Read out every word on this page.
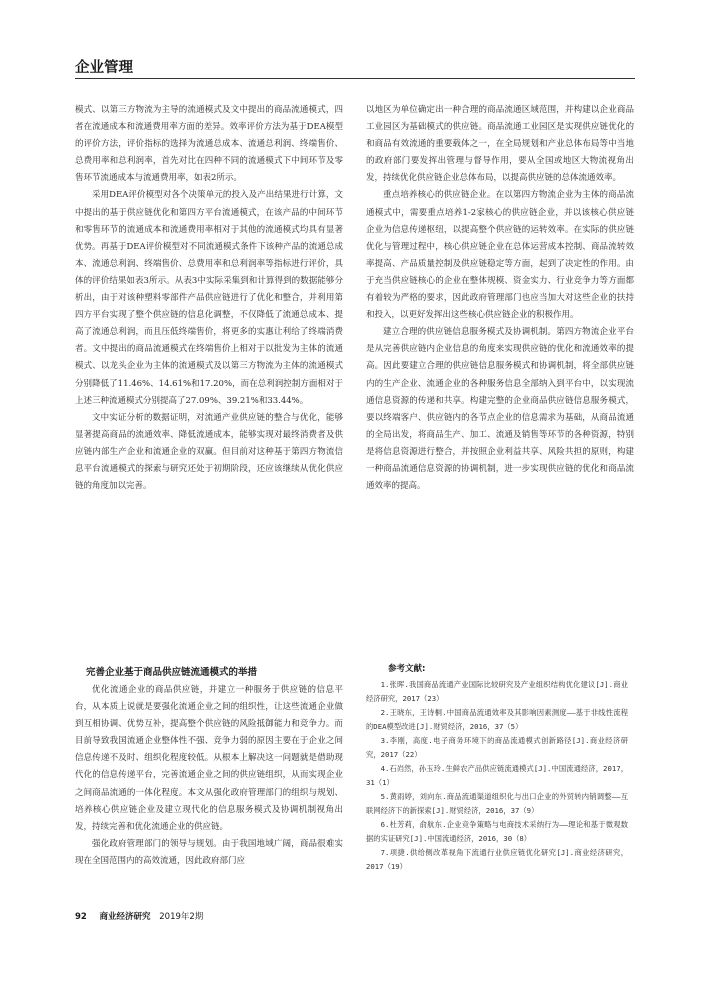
企业管理

模式、以第三方物流为主导的流通模式及文中提出的商品流通模式，四者在流通成本和流通费用率方面的差异。效率评价方法为基于DEA模型的评价方法，评价指标的选择为流通总成本、流通总利润、终端售价、总费用率和总利润率，首先对比在四种不同的流通模式下中间环节及零售环节流通成本与流通费用率，如表2所示。

采用DEA评价模型对各个决策单元的投入及产出结果进行计算，文中提出的基于供应链优化和第四方平台流通模式，在该产品的中间环节和零售环节的流通成本和流通费用率相对于其他的流通模式均具有显著优势。再基于DEA评价模型对不同流通模式条件下该种产品的流通总成本、流通总利润、终端售价、总费用率和总利润率等指标进行评价，具体的评价结果如表3所示。从表3中实际采集到和计算得到的数据能够分析出，由于对该种塑料零部件产品供应链进行了优化和整合，并利用第四方平台实现了整个供应链的信息化调整，不仅降低了流通总成本、提高了流通总利润，而且压低终端售价，将更多的实惠让利给了终端消费者。文中提出的商品流通模式在终端售价上相对于以批发为主体的流通模式、以龙头企业为主体的流通模式及以第三方物流为主体的流通模式分别降低了11.46%、14.61%和17.20%，而在总利润控制方面相对于上述三种流通模式分别提高了27.09%、39.21%和33.44%。

文中实证分析的数据证明，对流通产业供应链的整合与优化，能够显著提高商品的流通效率、降低流通成本，能够实现对最终消费者及供应链内部生产企业和流通企业的双赢。但目前对这种基于第四方物流信息平台流通模式的探索与研究还处于初期阶段，还应该继续从优化供应链的角度加以完善。

完善企业基于商品供应链流通模式的举措

优化流通企业的商品供应链，并建立一种服务于供应链的信息平台，从本质上说就是要强化流通企业之间的组织性，让这些流通企业做到互相协调、优势互补，提高整个供应链的风险抵御能力和竞争力。而目前导致我国流通企业整体性不强、竞争力弱的原因主要在于企业之间信息传递不及时、组织化程度较低。从根本上解决这一问题就是借助现代化的信息传递平台，完善流通企业之间的供应链组织，从而实现企业之间商品流通的一体化程度。本文从强化政府管理部门的组织与规划、培养核心供应链企业及建立现代化的信息服务模式及协调机制视角出发，持续完善和优化流通企业的供应链。

强化政府管理部门的领导与规划。由于我国地域广阔，商品很难实现在全国范围内的高效流通，因此政府部门应

以地区为单位确定出一种合理的商品流通区域范围，并构建以企业商品工业园区为基础模式的供应链。商品流通工业园区是实现供应链优化的和商品有效流通的重要载体之一，在全局规划和产业总体布局等中当地的政府部门要发挥出管理与督导作用，要从全国或地区大物流视角出发，持续优化供应链企业总体布局，以提高供应链的总体流通效率。

重点培养核心的供应链企业。在以第四方物流企业为主体的商品流通模式中，需要重点培养1-2家核心的供应链企业，并以该核心供应链企业为信息传递枢纽，以提高整个供应链的运转效率。在实际的供应链优化与管理过程中，核心供应链企业在总体运营成本控制、商品流转效率提高、产品质量控制及供应链稳定等方面，起到了决定性的作用。由于充当供应链核心的企业在整体规模、资金实力、行业竞争力等方面都有着较为严格的要求，因此政府管理部门也应当加大对这些企业的扶持和投入，以更好发挥出这些核心供应链企业的积极作用。

建立合理的供应链信息服务模式及协调机制。第四方物流企业平台是从完善供应链内企业信息的角度来实现供应链的优化和流通效率的提高。因此要建立合理的供应链信息服务模式和协调机制，将全部供应链内的生产企业、流通企业的各种服务信息全部纳入到平台中，以实现流通信息资源的传递和共享。构建完整的企业商品供应链信息服务模式，要以终端客户、供应链内的各节点企业的信息需求为基础，从商品流通的全局出发，将商品生产、加工、流通及销售等环节的各种资源，特别是将信息资源进行整合，并按照企业利益共享、风险共担的原则，构建一种商品流通信息资源的协调机制，进一步实现供应链的优化和商品流通效率的提高。

参考文献:
1.张晖.我国商品流通产业国际比较研究及产业组织结构优化建议[J].商业经济研究，2017（23）
2.王晓东，王诗桐.中国商品流通效率及其影响因素测度——基于非线性流程的DEA模型改进[J].财贸经济，2016，37（5）
3.李刚，高度.电子商务环境下的商品流通模式创新路径[J].商业经济研究，2017（22）
4.石岿然，孙玉玲.生鲜农产品供应链流通模式[J].中国流通经济，2017，31（1）
5.黄雨婷，刘向东.商品流通渠道组织化与出口企业的外贸转内销调整——互联网经济下的新探索[J].财贸经济，2016，37（9）
6.杜芳莉，俞航东.企业竞争策略与电商技术采纳行为——理论和基于微观数据的实证研究[J].中国流通经济，2016，30（8）
7.项捷.供给侧改革视角下流通行业供应链优化研究[J].商业经济研究，2017（19）
92 商业经济研究 2019年2期
